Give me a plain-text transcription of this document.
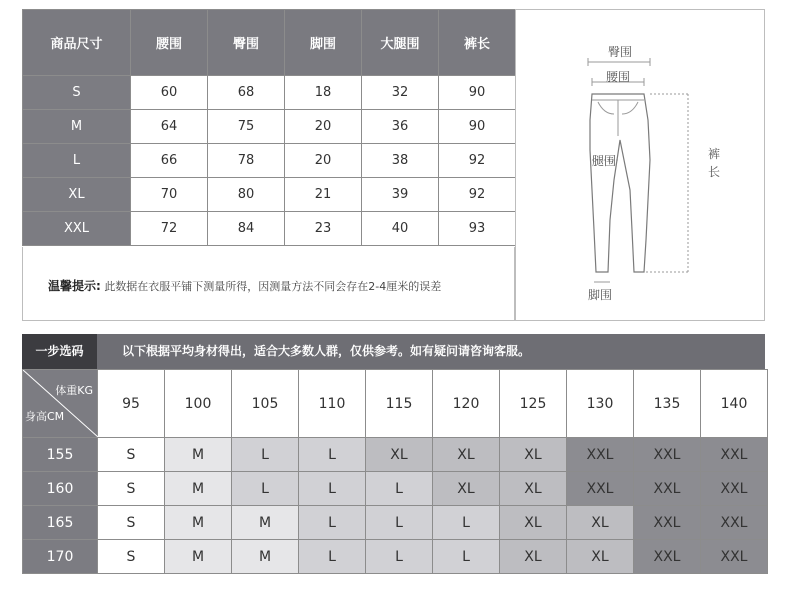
商品尺寸	腰围	臀围	脚围	大腿围	裤长
S	60	68	18	32	90
M	64	75	20	36	90
L	66	78	20	38	92
XL	70	80	21	39	92
XXL	72	84	23	40	93
温馨提示: 此数据在衣服平铺下测量所得，因测量方法不同会存在2-4厘米的误差
臀围
腰围
腿围	裤
长
脚围
一步选码	以下根据平均身材得出，适合大多数人群，仅供参考。如有疑问请咨询客服。
体重KG
身高CM	95	100	105	110	115	120	125	130	135	140
155	S	M	L	L	XL	XL	XL	XXL	XXL	XXL
160	S	M	L	L	L	XL	XL	XXL	XXL	XXL
165	S	M	M	L	L	L	XL	XL	XXL	XXL
170	S	M	M	L	L	L	XL	XL	XXL	XXL
